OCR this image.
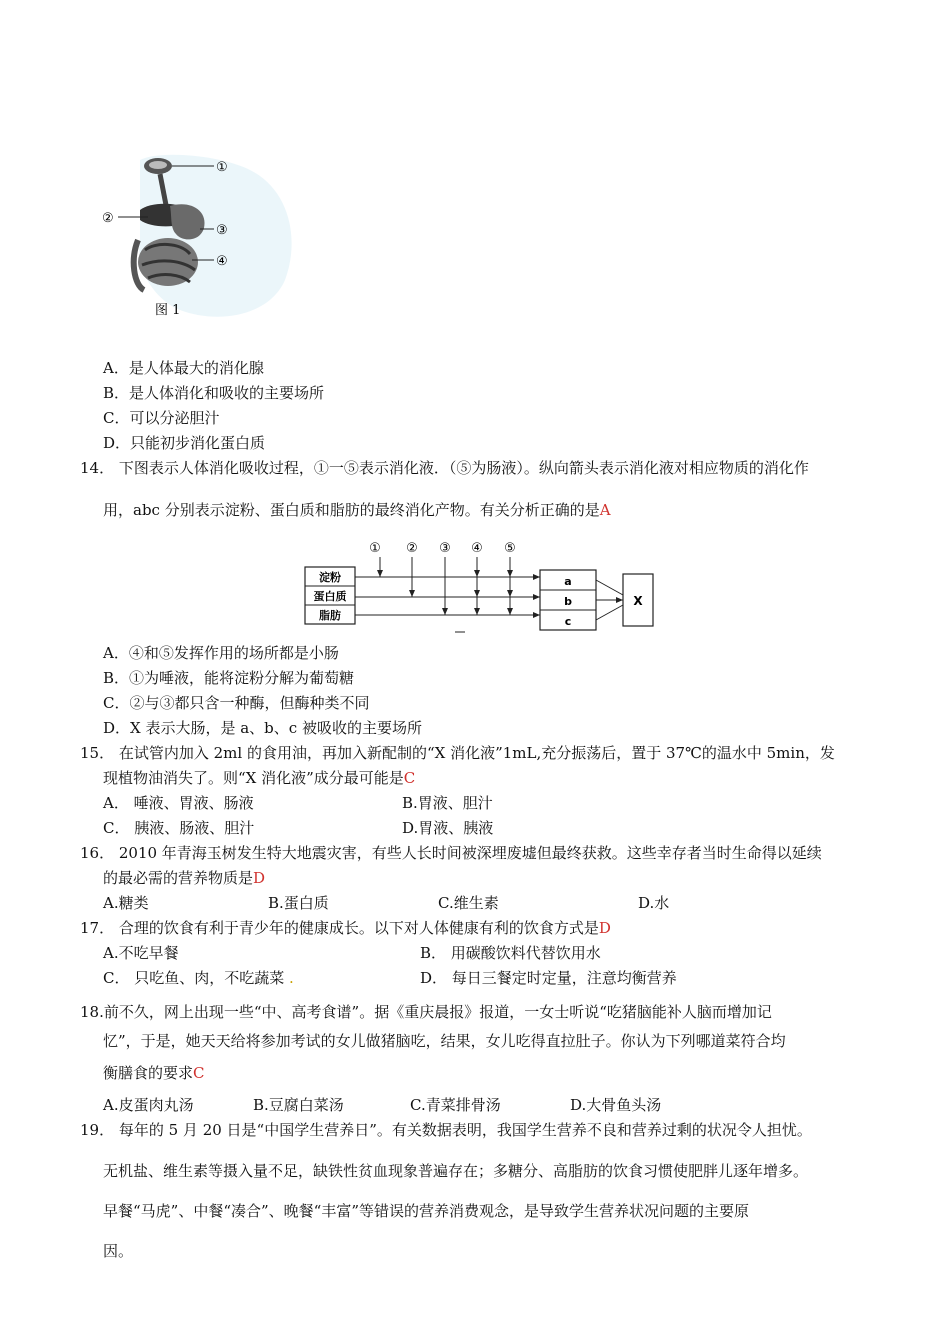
①
②
③
④
图 1
A．是人体最大的消化腺
B．是人体消化和吸收的主要场所
C．可以分泌胆汁
D．只能初步消化蛋白质
14． 下图表示人体消化吸收过程，①一⑤表示消化液．（⑤为肠液）。纵向箭头表示消化液对相应物质的消化作
用，abc 分别表示淀粉、蛋白质和脂肪的最终消化产物。有关分析正确的是A
① ② ③ ④ ⑤
淀粉
蛋白质
脂肪
a
b
c
X
A．④和⑤发挥作用的场所都是小肠
B．①为唾液，能将淀粉分解为葡萄糖
C．②与③都只含一种酶，但酶种类不同
D．X 表示大肠，是 a、b、c 被吸收的主要场所
15． 在试管内加入 2ml 的食用油，再加入新配制的“X 消化液”1mL,充分振荡后，置于 37℃的温水中 5min，发
现植物油消失了。则“X 消化液”成分最可能是C
A． 唾液、胃液、肠液	B.胃液、胆汁
C． 胰液、肠液、胆汁	D.胃液、胰液
16． 2010 年青海玉树发生特大地震灾害，有些人长时间被深埋废墟但最终获救。这些幸存者当时生命得以延续
的最必需的营养物质是D
A.糖类	B.蛋白质	C.维生素	D.水
17． 合理的饮食有利于青少年的健康成长。以下对人体健康有利的饮食方式是D
A.不吃早餐	B． 用碳酸饮料代替饮用水
C． 只吃鱼、肉，不吃蔬菜 .	D． 每日三餐定时定量，注意均衡营养
18.前不久，网上出现一些“中、高考食谱”。据《重庆晨报》报道，一女士听说“吃猪脑能补人脑而增加记
忆”，于是，她天天给将参加考试的女儿做猪脑吃，结果，女儿吃得直拉肚子。你认为下列哪道菜符合均
衡膳食的要求C
A.皮蛋肉丸汤	B.豆腐白菜汤	C.青菜排骨汤	D.大骨鱼头汤
19． 每年的 5 月 20 日是“中国学生营养日”。有关数据表明，我国学生营养不良和营养过剩的状况令人担忧。
无机盐、维生素等摄入量不足，缺铁性贫血现象普遍存在；多糖分、高脂肪的饮食习惯使肥胖儿逐年增多。
早餐“马虎”、中餐“凑合”、晚餐“丰富”等错误的营养消费观念，是导致学生营养状况问题的主要原
因。
